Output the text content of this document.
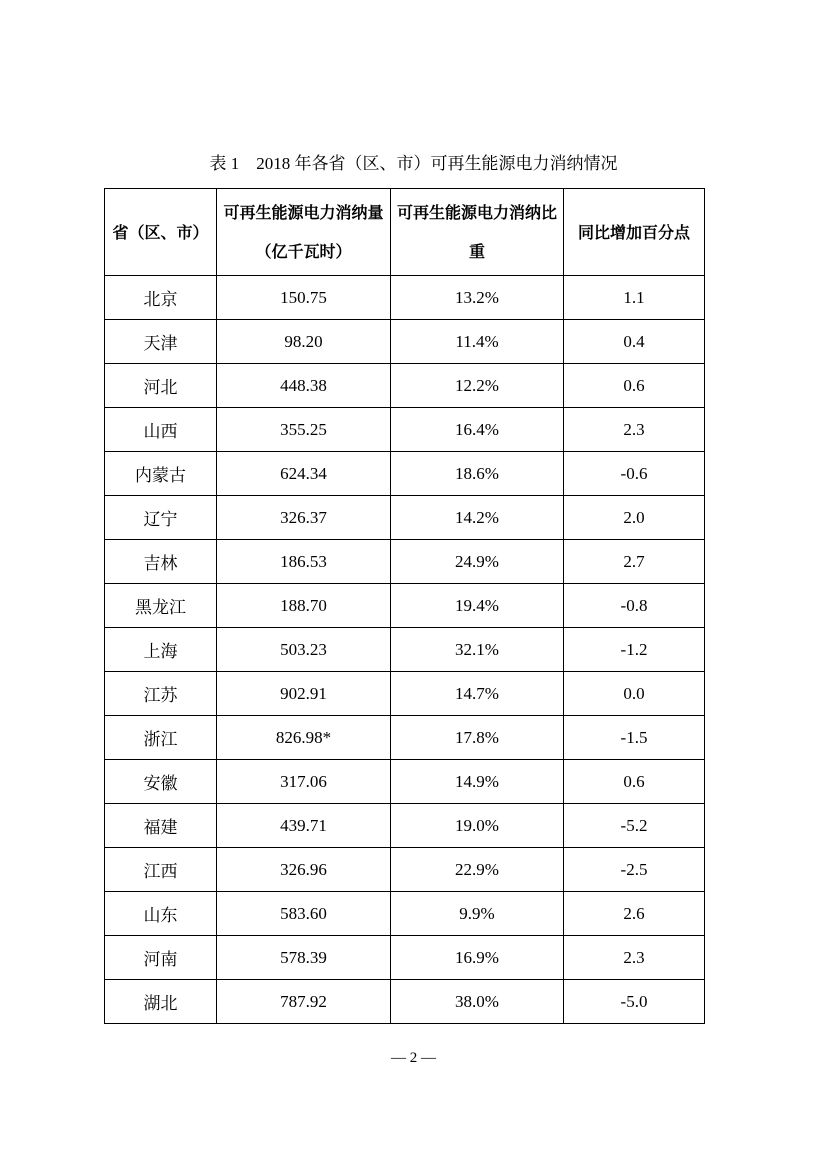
表 1    2018 年各省（区、市）可再生能源电力消纳情况
省（区、市）	可再生能源电力消纳量（亿千瓦时）	可再生能源电力消纳比重	同比增加百分点

北京	150.75	13.2%	1.1
天津	98.20	11.4%	0.4
河北	448.38	12.2%	0.6
山西	355.25	16.4%	2.3
内蒙古	624.34	18.6%	-0.6
辽宁	326.37	14.2%	2.0
吉林	186.53	24.9%	2.7
黑龙江	188.70	19.4%	-0.8
上海	503.23	32.1%	-1.2
江苏	902.91	14.7%	0.0
浙江	826.98*	17.8%	-1.5
安徽	317.06	14.9%	0.6
福建	439.71	19.0%	-5.2
江西	326.96	22.9%	-2.5
山东	583.60	9.9%	2.6
河南	578.39	16.9%	2.3
湖北	787.92	38.0%	-5.0
— 2 —
